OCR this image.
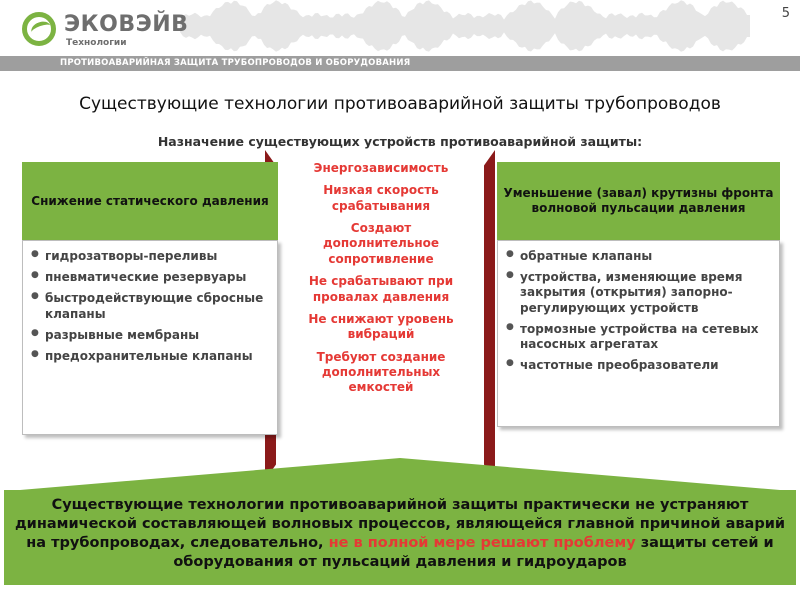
ЭКОВЭЙВ
Технологии
5
ПРОТИВОАВАРИЙНАЯ ЗАЩИТА ТРУБОПРОВОДОВ И ОБОРУДОВАНИЯ
Существующие технологии противоаварийной защиты трубопроводов
Назначение существующих устройств противоаварийной защиты:
Снижение статического давления
● гидрозатворы-переливы
● пневматические резервуары
● быстродействующие сбросные клапаны
● разрывные мембраны
● предохранительные клапаны
Энергозависимость
Низкая скорость срабатывания
Создают дополнительное сопротивление
Не срабатывают при провалах давления
Не снижают уровень вибраций
Требуют создание дополнительных емкостей
Уменьшение (завал) крутизны фронта волновой пульсации давления
● обратные клапаны
● устройства, изменяющие время закрытия (открытия) запорно-регулирующих устройств
● тормозные устройства на сетевых насосных агрегатах
● частотные преобразователи
Существующие технологии противоаварийной защиты практически не устраняют динамической составляющей волновых процессов, являющейся главной причиной аварий на трубопроводах, следовательно, не в полной мере решают проблему защиты сетей и оборудования от пульсаций давления и гидроударов
